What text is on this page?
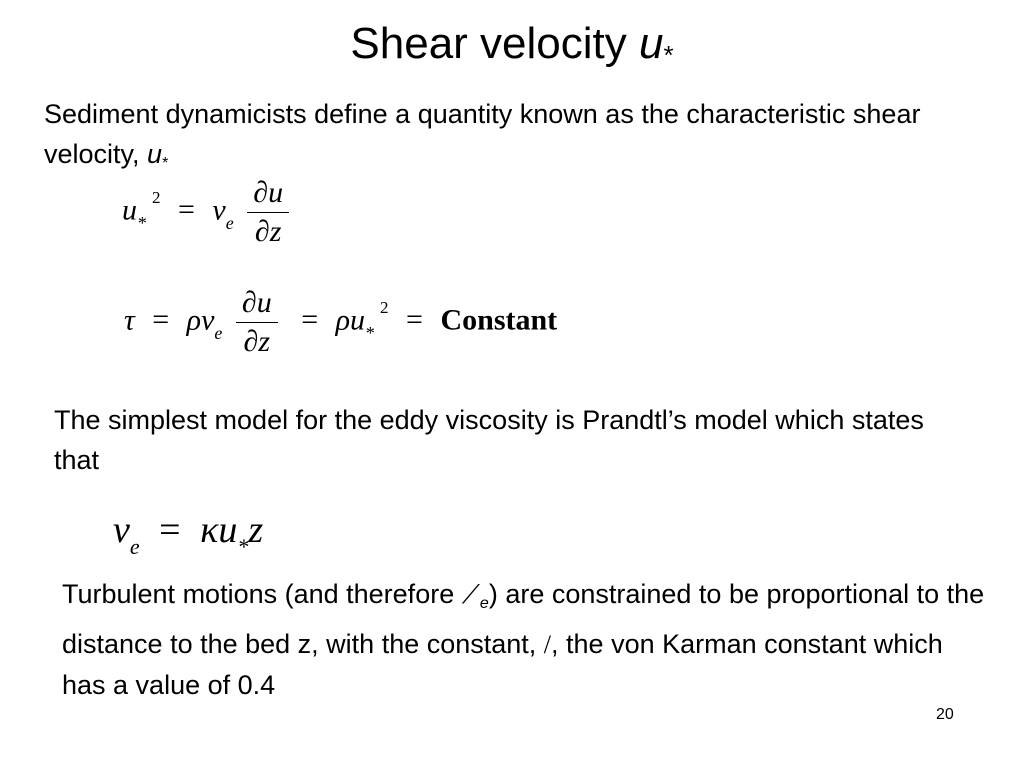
Shear velocity $u_*$
Sediment dynamicists define a quantity known as the characteristic shear velocity, $u_*$
$u_*^2 = \nu_e \frac{\partial u}{\partial z}$
$\tau = \rho\nu_e \frac{\partial u}{\partial z} = \rho u_*^2$ = Constant
The simplest model for the eddy viscosity is Prandtl’s model which states that
$\nu_e = \kappa u_*z$
Turbulent motions (and therefore $⟋_e$) are constrained to be proportional to the distance to the bed z, with the constant, /, the von Karman constant which has a value of 0.4
20
